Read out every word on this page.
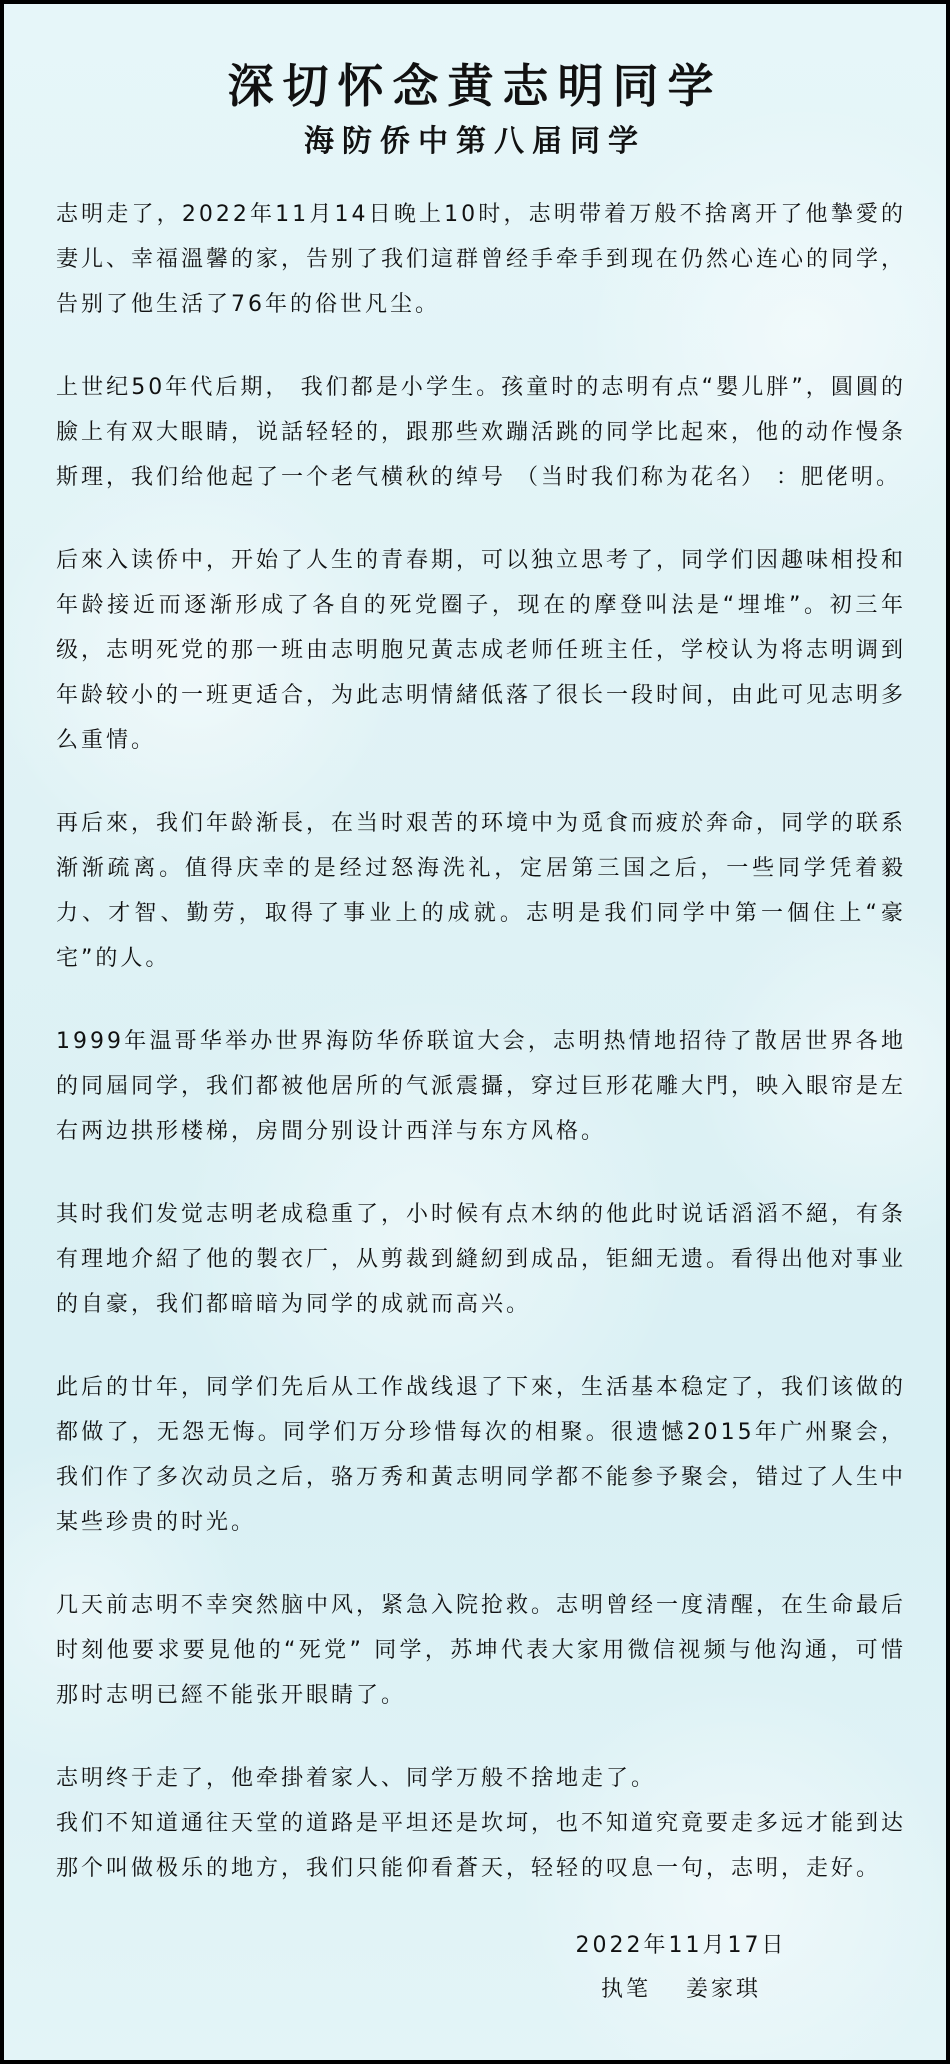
深切怀念黄志明同学
海防侨中第八届同学

志明走了，2022年11月14日晚上10时，志明带着万般不捨离开了他摯愛的妻儿、幸福溫馨的家，告别了我们這群曾经手牵手到现在仍然心连心的同学，告别了他生活了76年的俗世凡尘。

上世纪50年代后期， 我们都是小学生。孩童时的志明有点“嬰儿胖”，圓圓的臉上有双大眼睛，说話轻轻的，跟那些欢蹦活跳的同学比起來，他的动作慢条斯理，我们给他起了一个老气横秋的绰号 （当时我们称为花名） ：肥佬明。

后來入读侨中，开始了人生的青春期，可以独立思考了，同学们因趣味相投和年龄接近而逐渐形成了各自的死党圈子，现在的摩登叫法是“埋堆”。初三年级，志明死党的那一班由志明胞兄黃志成老师任班主任，学校认为将志明调到年龄较小的一班更适合，为此志明情緒低落了很长一段时间，由此可见志明多么重情。

再后來，我们年龄渐長，在当时艰苦的环境中为觅食而疲於奔命，同学的联系渐渐疏离。值得庆幸的是经过怒海洗礼，定居第三国之后，一些同学凭着毅力、才智、勤劳，取得了事业上的成就。志明是我们同学中第一個住上“豪宅”的人。

1999年温哥华举办世界海防华侨联谊大会，志明热情地招待了散居世界各地的同屆同学，我们都被他居所的气派震攝，穿过巨形花雕大門，映入眼帘是左右两边拱形楼梯，房間分别设计西洋与东方风格。

其时我们发觉志明老成稳重了，小时候有点木纳的他此时说话滔滔不絕，有条有理地介紹了他的製衣厂，从剪裁到縫紉到成品，钜細无遗。看得出他对事业的自豪，我们都暗暗为同学的成就而高兴。

此后的廿年，同学们先后从工作战线退了下來，生活基本稳定了，我们该做的都做了，无怨无悔。同学们万分珍惜每次的相聚。很遗憾2015年广州聚会，我们作了多次动员之后，骆万秀和黃志明同学都不能参予聚会，错过了人生中某些珍贵的时光。

几天前志明不幸突然脑中风，紧急入院抢救。志明曾经一度清醒，在生命最后时刻他要求要見他的“死党” 同学，苏坤代表大家用微信视频与他沟通，可惜那时志明已經不能张开眼睛了。

志明终于走了，他牵掛着家人、同学万般不捨地走了。
我们不知道通往天堂的道路是平坦还是坎坷，也不知道究竟要走多远才能到达那个叫做极乐的地方，我们只能仰看蒼天，轻轻的叹息一句，志明，走好。

2022年11月17日
执笔　 姜家琪
